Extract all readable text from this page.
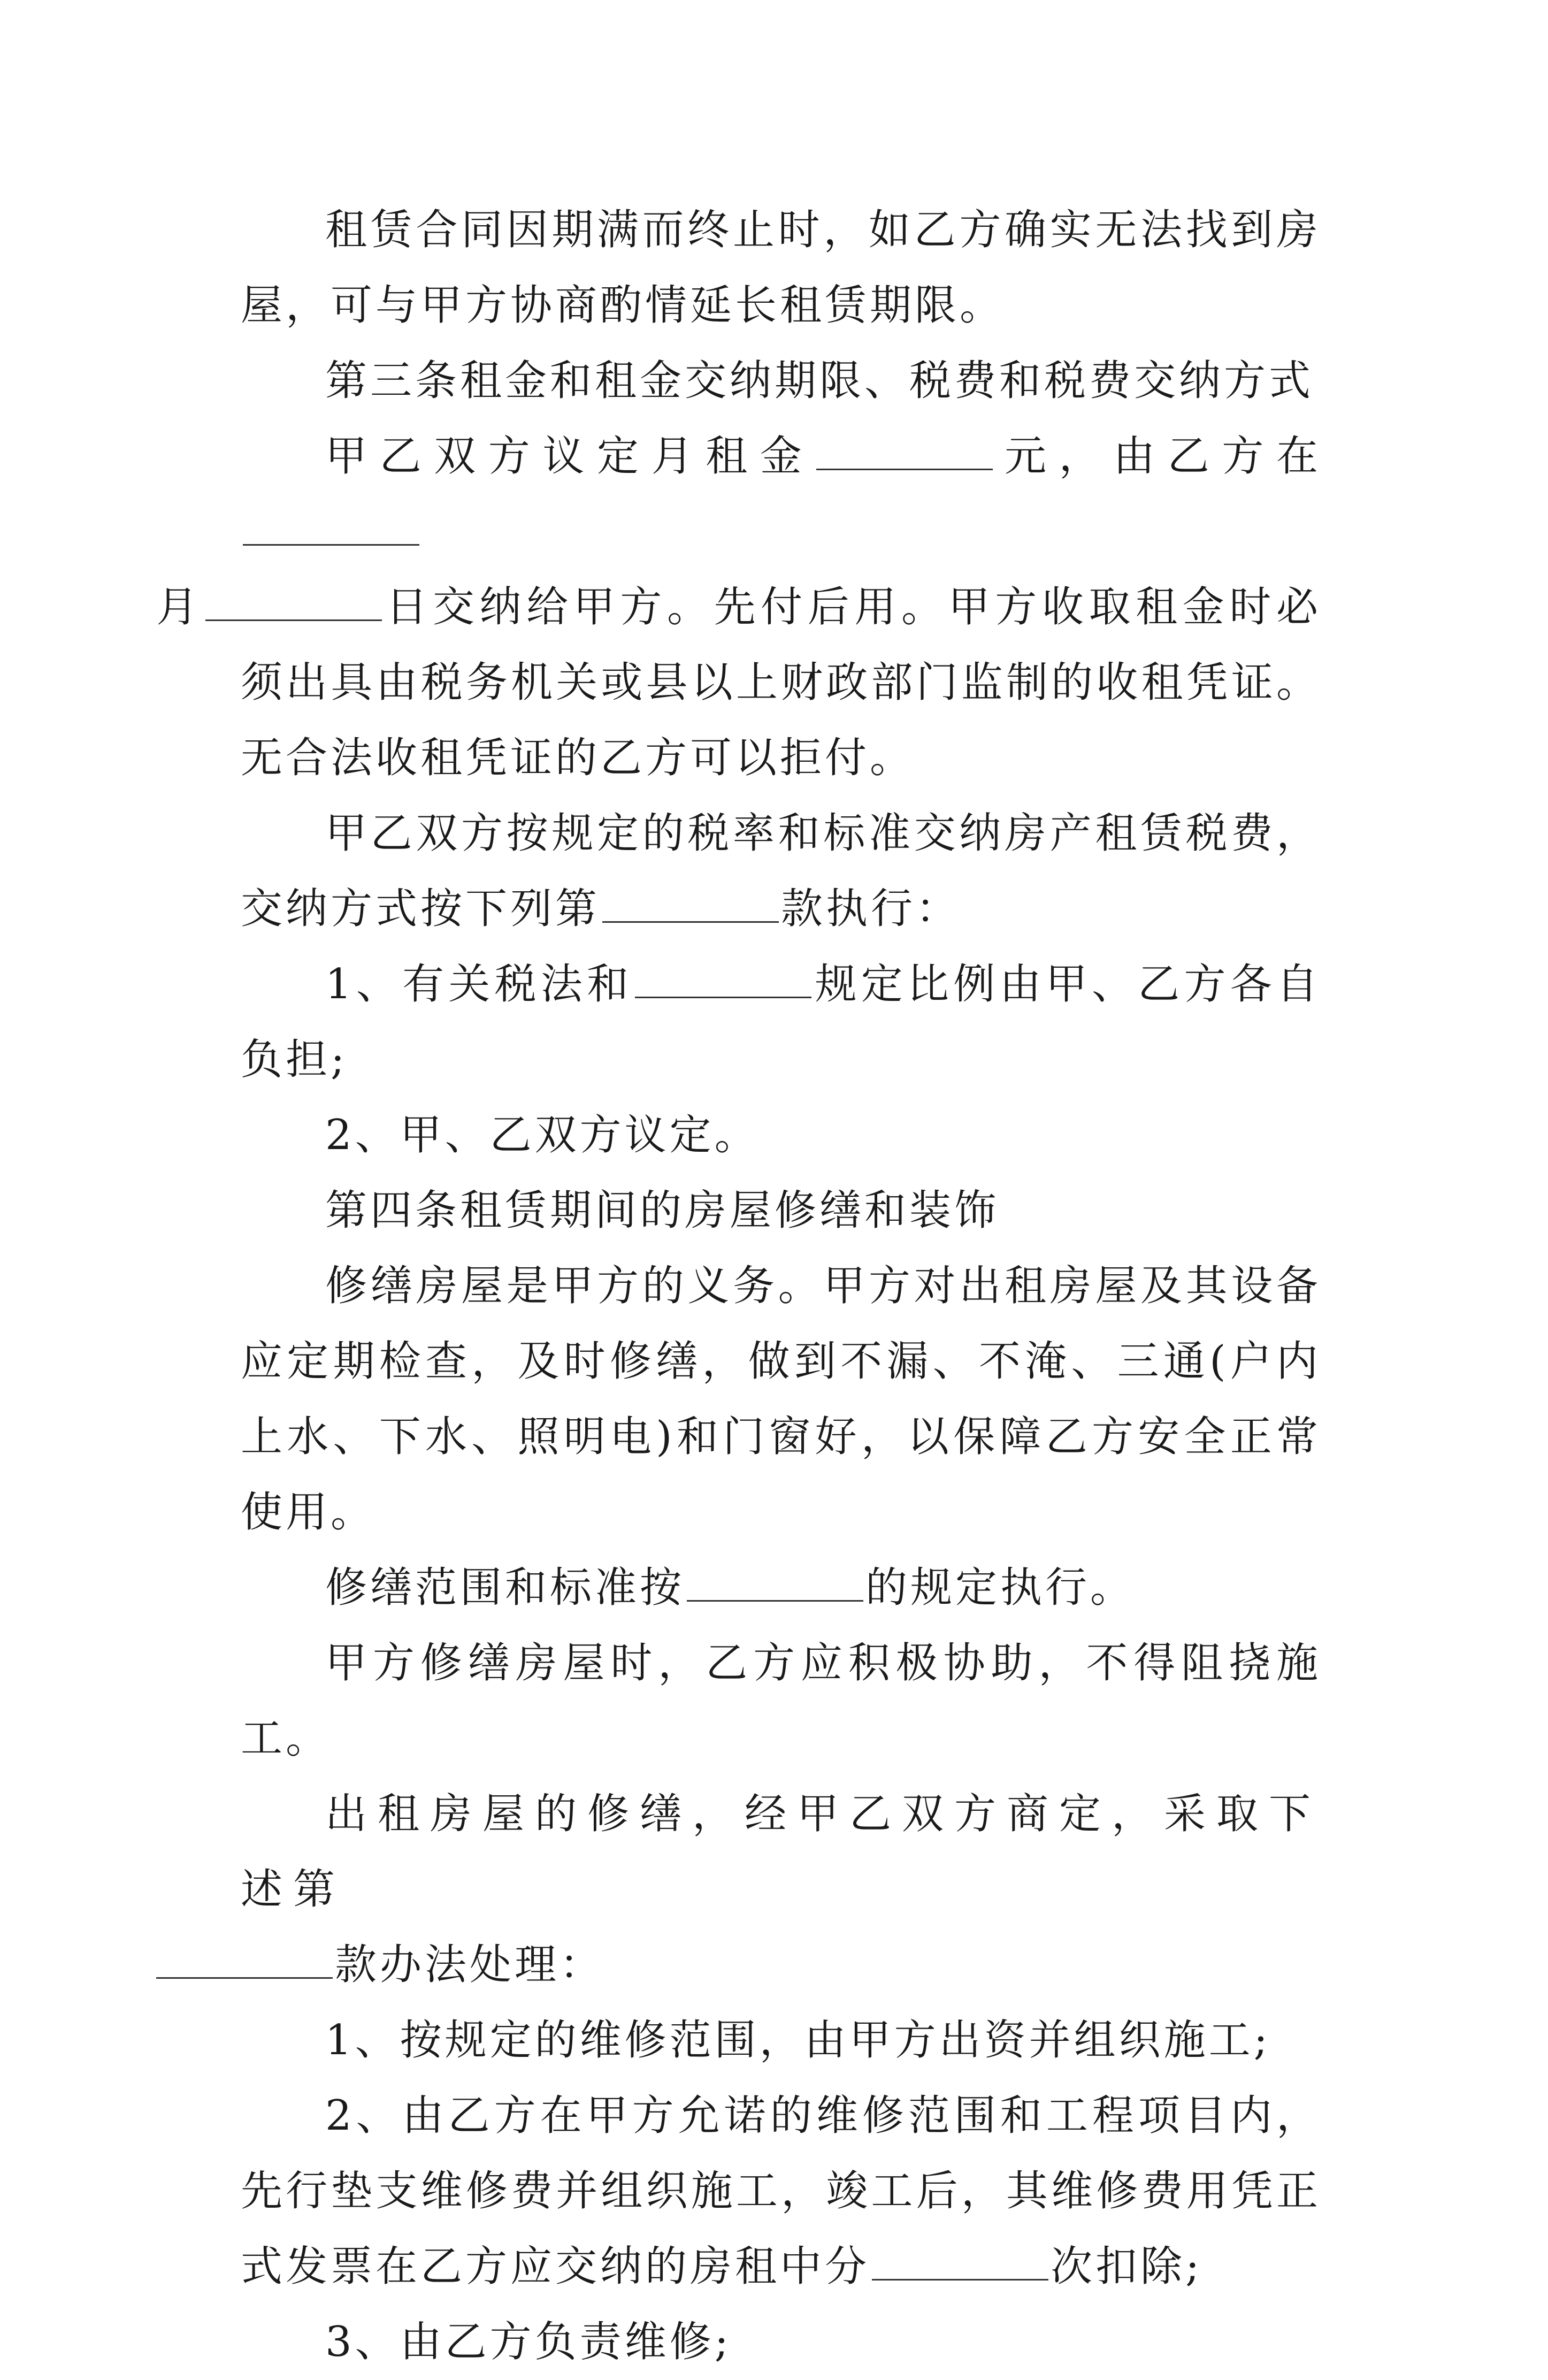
租赁合同因期满而终止时，如乙方确实无法找到房屋，可与甲方协商酌情延长租赁期限。

第三条租金和租金交纳期限、税费和税费交纳方式

甲乙双方议定月租金	元，由乙方在
月	日交纳给甲方。先付后用。甲方收取租金时必须出具由税务机关或县以上财政部门监制的收租凭证。无合法收租凭证的乙方可以拒付。

甲乙双方按规定的税率和标准交纳房产租赁税费，交纳方式按下列第	款执行：

1、有关税法和	规定比例由甲、乙方各自负担;

2、甲、乙双方议定。

第四条租赁期间的房屋修缮和装饰

修缮房屋是甲方的义务。甲方对出租房屋及其设备应定期检查，及时修缮，做到不漏、不淹、三通(户内上水、下水、照明电)和门窗好，以保障乙方安全正常使用。

修缮范围和标准按	的规定执行。

甲方修缮房屋时，乙方应积极协助，不得阻挠施工。

出租房屋的修缮，经甲乙双方商定，采取下述第
款办法处理：

1、按规定的维修范围，由甲方出资并组织施工;

2、由乙方在甲方允诺的维修范围和工程项目内，先行垫支维修费并组织施工，竣工后，其维修费用凭正式发票在乙方应交纳的房租中分	次扣除;

3、由乙方负责维修;
